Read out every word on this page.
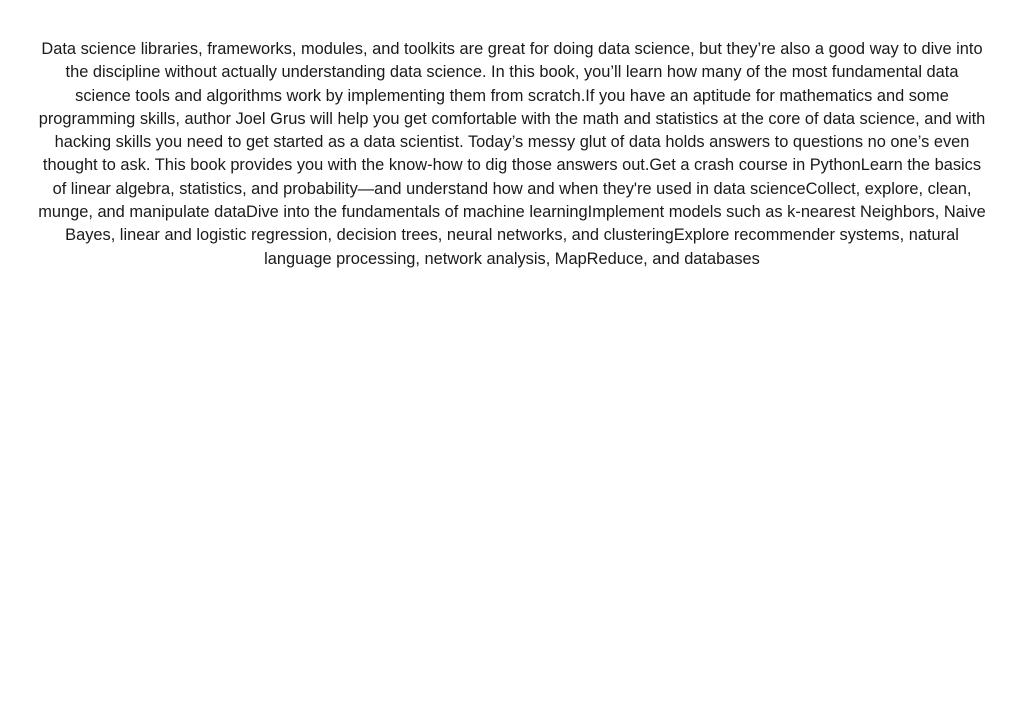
Data science libraries, frameworks, modules, and toolkits are great for doing data science, but they’re also a good way to dive into the discipline without actually understanding data science. In this book, you’ll learn how many of the most fundamental data science tools and algorithms work by implementing them from scratch.If you have an aptitude for mathematics and some programming skills, author Joel Grus will help you get comfortable with the math and statistics at the core of data science, and with hacking skills you need to get started as a data scientist. Today’s messy glut of data holds answers to questions no one’s even thought to ask. This book provides you with the know-how to dig those answers out.Get a crash course in PythonLearn the basics of linear algebra, statistics, and probability—and understand how and when they're used in data scienceCollect, explore, clean, munge, and manipulate dataDive into the fundamentals of machine learningImplement models such as k-nearest Neighbors, Naive Bayes, linear and logistic regression, decision trees, neural networks, and clusteringExplore recommender systems, natural language processing, network analysis, MapReduce, and databases
